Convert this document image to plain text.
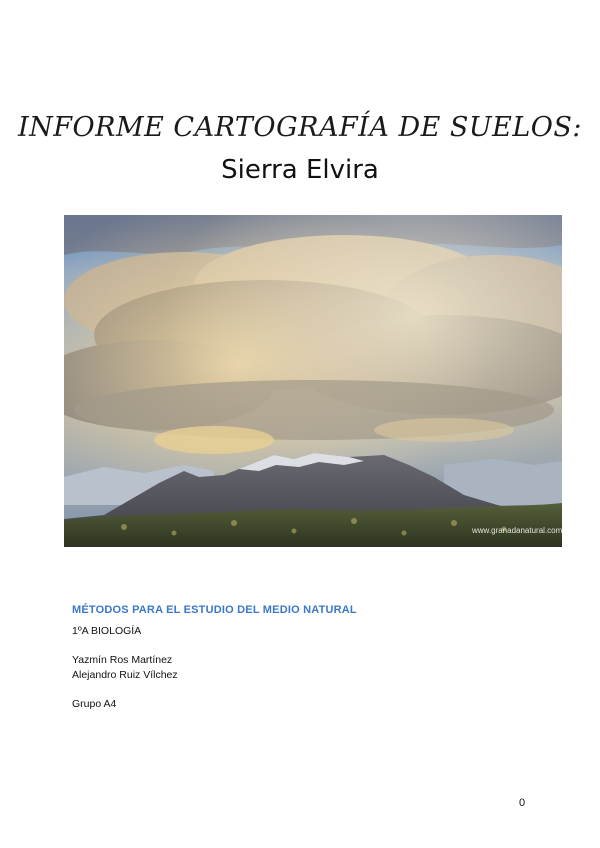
INFORME CARTOGRAFÍA DE SUELOS:
Sierra Elvira
www.granadanatural.com
MÉTODOS PARA EL ESTUDIO DEL MEDIO NATURAL
1ºA BIOLOGÍA
Yazmín Ros Martínez
Alejandro Ruiz Vílchez
Grupo A4
0
